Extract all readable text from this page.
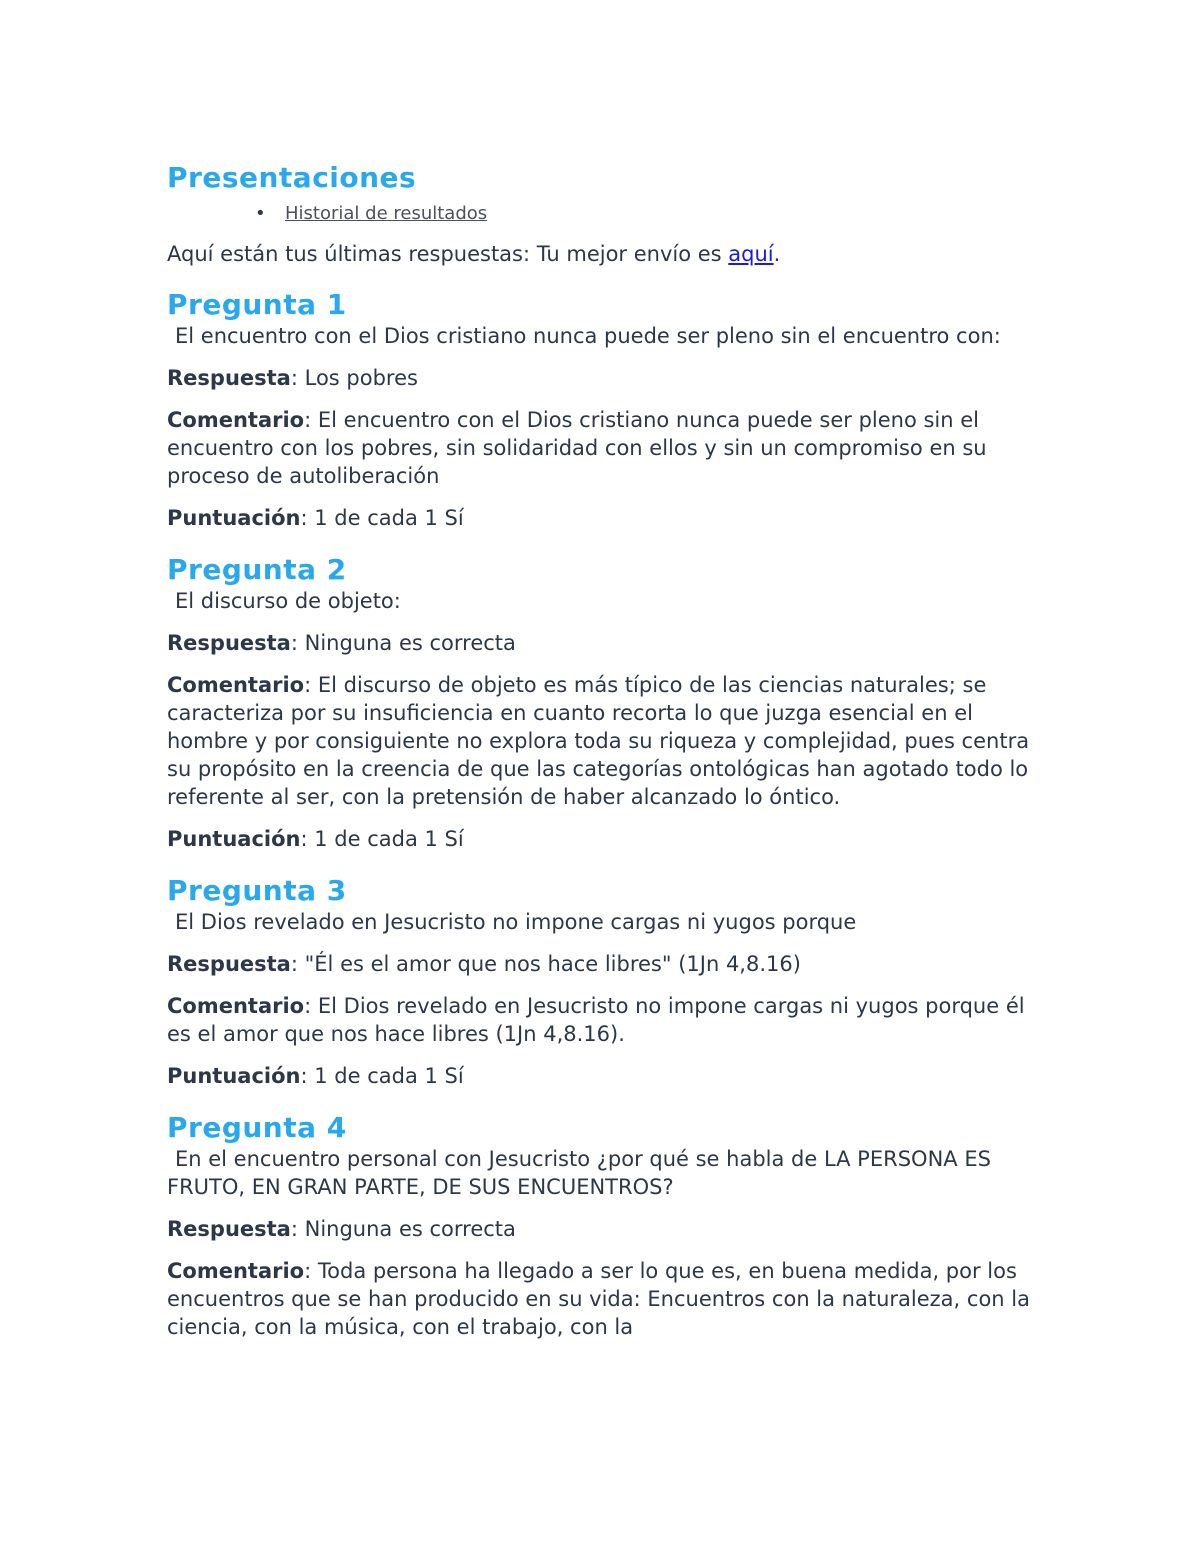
Presentaciones
• Historial de resultados

Aquí están tus últimas respuestas: Tu mejor envío es aquí.

Pregunta 1

El encuentro con el Dios cristiano nunca puede ser pleno sin el encuentro con:

Respuesta: Los pobres

Comentario: El encuentro con el Dios cristiano nunca puede ser pleno sin el encuentro con los pobres, sin solidaridad con ellos y sin un compromiso en su proceso de autoliberación

Puntuación: 1 de cada 1 Sí

Pregunta 2

El discurso de objeto:

Respuesta: Ninguna es correcta

Comentario: El discurso de objeto es más típico de las ciencias naturales; se caracteriza por su insuficiencia en cuanto recorta lo que juzga esencial en el hombre y por consiguiente no explora toda su riqueza y complejidad, pues centra su propósito en la creencia de que las categorías ontológicas han agotado todo lo referente al ser, con la pretensión de haber alcanzado lo óntico.

Puntuación: 1 de cada 1 Sí

Pregunta 3

El Dios revelado en Jesucristo no impone cargas ni yugos porque

Respuesta: "Él es el amor que nos hace libres" (1Jn 4,8.16)

Comentario: El Dios revelado en Jesucristo no impone cargas ni yugos porque él es el amor que nos hace libres (1Jn 4,8.16).

Puntuación: 1 de cada 1 Sí

Pregunta 4

En el encuentro personal con Jesucristo ¿por qué se habla de LA PERSONA ES FRUTO, EN GRAN PARTE, DE SUS ENCUENTROS?

Respuesta: Ninguna es correcta

Comentario: Toda persona ha llegado a ser lo que es, en buena medida, por los encuentros que se han producido en su vida: Encuentros con la naturaleza, con la ciencia, con la música, con el trabajo, con la
